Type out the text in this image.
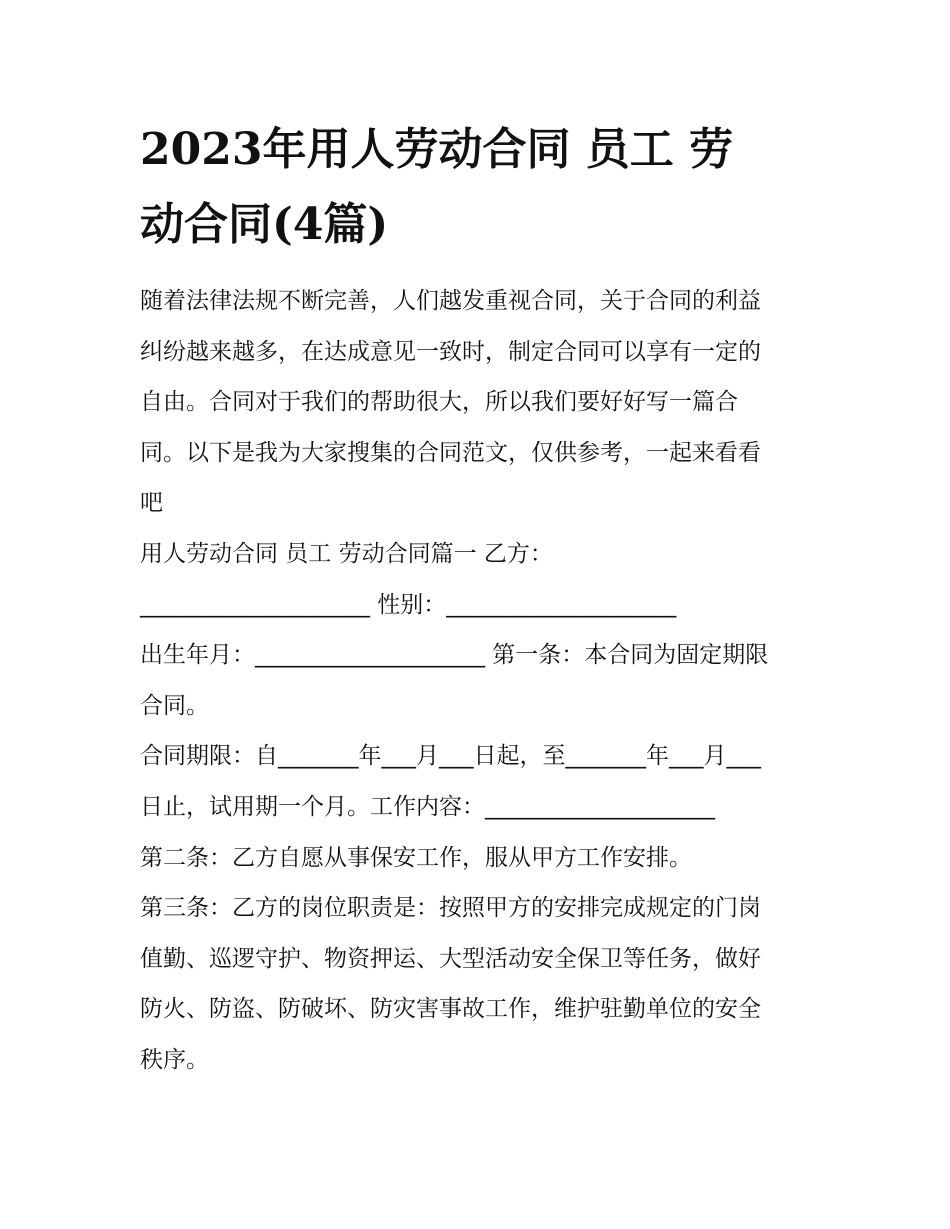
2023年用人劳动合同 员工 劳
动合同(4篇)
随着法律法规不断完善，人们越发重视合同，关于合同的利益
纠纷越来越多，在达成意见一致时，制定合同可以享有一定的
自由。合同对于我们的帮助很大，所以我们要好好写一篇合
同。以下是我为大家搜集的合同范文，仅供参考，一起来看看
吧
用人劳动合同 员工 劳动合同篇一 乙方：
____________________ 性别：____________________
出生年月：____________________ 第一条：本合同为固定期限
合同。
合同期限：自_______年___月___日起，至_______年___月___
日止，试用期一个月。工作内容：____________________
第二条：乙方自愿从事保安工作，服从甲方工作安排。
第三条：乙方的岗位职责是：按照甲方的安排完成规定的门岗
值勤、巡逻守护、物资押运、大型活动安全保卫等任务，做好
防火、防盗、防破坏、防灾害事故工作，维护驻勤单位的安全
秩序。
